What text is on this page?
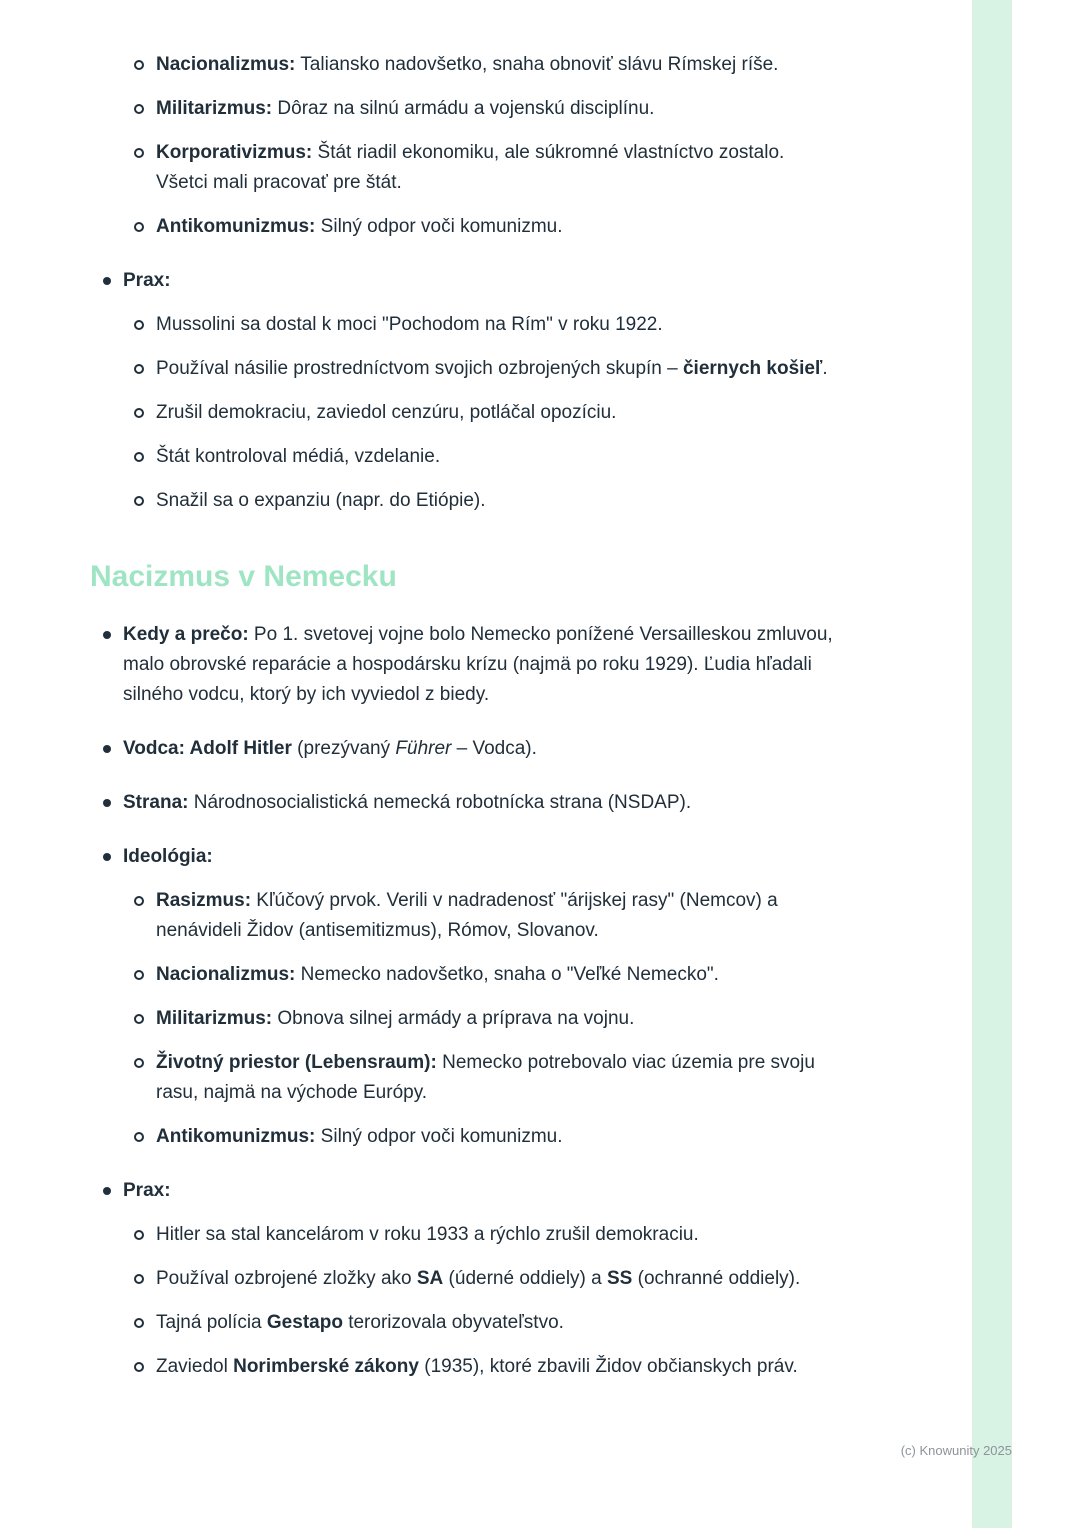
Nacionalizmus: Taliansko nadovšetko, snaha obnoviť slávu Rímskej ríše.
Militarizmus: Dôraz na silnú armádu a vojenskú disciplínu.
Korporativizmus: Štát riadil ekonomiku, ale súkromné vlastníctvo zostalo. Všetci mali pracovať pre štát.
Antikomunizmus: Silný odpor voči komunizmu.
Prax:
Mussolini sa dostal k moci "Pochodom na Rím" v roku 1922.
Používal násilie prostredníctvom svojich ozbrojených skupín – čiernych košieľ.
Zrušil demokraciu, zaviedol cenzúru, potláčal opozíciu.
Štát kontroloval médiá, vzdelanie.
Snažil sa o expanziu (napr. do Etiópie).
Nacizmus v Nemecku
Kedy a prečo: Po 1. svetovej vojne bolo Nemecko ponížené Versailleskou zmluvou, malo obrovské reparácie a hospodársku krízu (najmä po roku 1929). Ľudia hľadali silného vodcu, ktorý by ich vyviedol z biedy.
Vodca: Adolf Hitler (prezývaný Führer – Vodca).
Strana: Národnosocialistická nemecká robotnícka strana (NSDAP).
Ideológia:
Rasizmus: Kľúčový prvok. Verili v nadradenosť "árijskej rasy" (Nemcov) a nenávideli Židov (antisemitizmus), Rómov, Slovanov.
Nacionalizmus: Nemecko nadovšetko, snaha o "Veľké Nemecko".
Militarizmus: Obnova silnej armády a príprava na vojnu.
Životný priestor (Lebensraum): Nemecko potrebovalo viac územia pre svoju rasu, najmä na východe Európy.
Antikomunizmus: Silný odpor voči komunizmu.
Prax:
Hitler sa stal kancelárom v roku 1933 a rýchlo zrušil demokraciu.
Používal ozbrojené zložky ako SA (úderné oddiely) a SS (ochranné oddiely).
Tajná polícia Gestapo terorizovala obyvateľstvo.
Zaviedol Norimberské zákony (1935), ktoré zbavili Židov občianskych práv.
(c) Knowunity 2025
